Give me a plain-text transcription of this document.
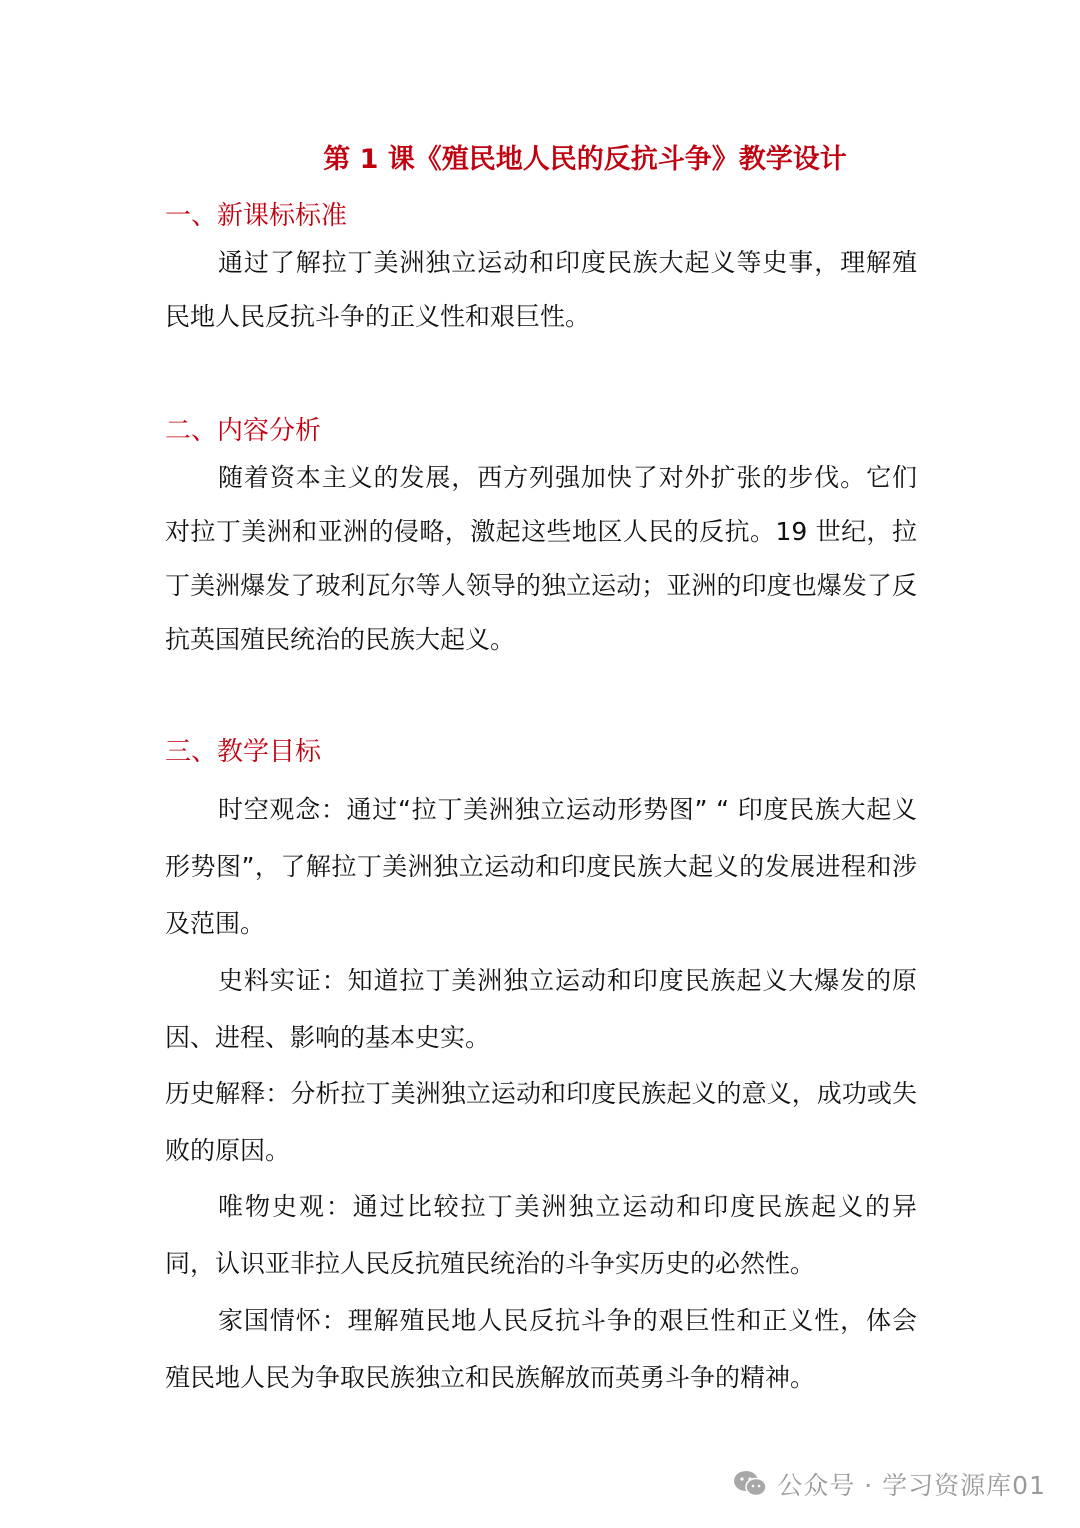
第 1 课《殖民地人民的反抗斗争》教学设计
一、新课标标准

通过了解拉丁美洲独立运动和印度民族大起义等史事，理解殖民地人民反抗斗争的正义性和艰巨性。

二、内容分析

随着资本主义的发展，西方列强加快了对外扩张的步伐。它们对拉丁美洲和亚洲的侵略，激起这些地区人民的反抗。19 世纪，拉丁美洲爆发了玻利瓦尔等人领导的独立运动；亚洲的印度也爆发了反抗英国殖民统治的民族大起义。

三、教学目标

时空观念：通过“拉丁美洲独立运动形势图” “ 印度民族大起义形势图”，了解拉丁美洲独立运动和印度民族大起义的发展进程和涉及范围。

史料实证：知道拉丁美洲独立运动和印度民族起义大爆发的原因、进程、影响的基本史实。

历史解释：分析拉丁美洲独立运动和印度民族起义的意义，成功或失败的原因。

唯物史观：通过比较拉丁美洲独立运动和印度民族起义的异同，认识亚非拉人民反抗殖民统治的斗争实历史的必然性。

家国情怀：理解殖民地人民反抗斗争的艰巨性和正义性，体会殖民地人民为争取民族独立和民族解放而英勇斗争的精神。

公众号 · 学习资源库01
